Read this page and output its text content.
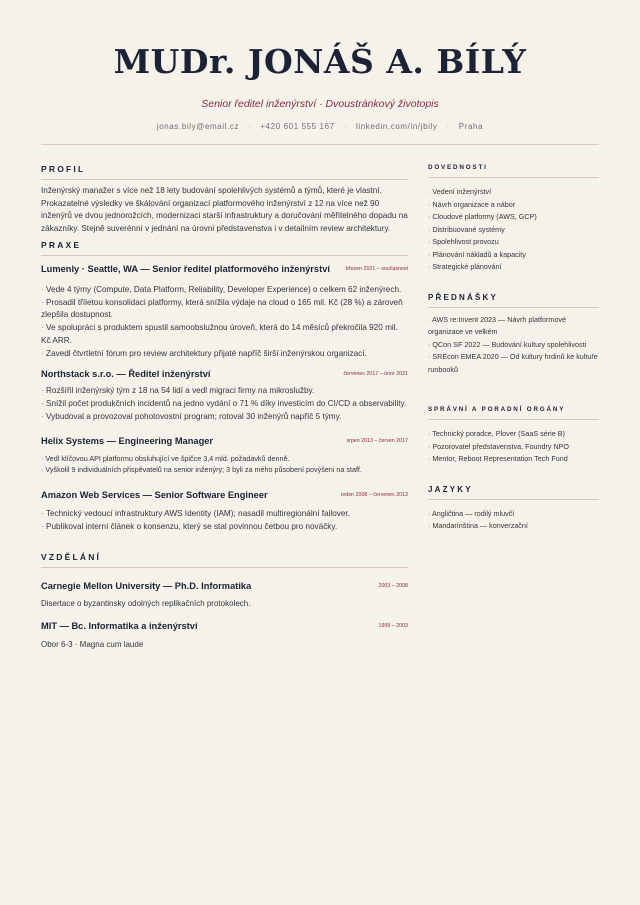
MUDr. JONÁŠ A. BÍLÝ
Senior ředitel inženýrství · Dvoustránkový životopis
jonas.bily@email.cz · +420 601 555 167 · linkedin.com/in/jbily · Praha
PROFIL

Inženýrský manažer s více než 18 lety budování spolehlivých systémů a týmů, které je vlastní. Prokazatelné výsledky ve škálování organizací platformového inženýrství z 12 na více než 90 inženýrů ve dvou jednorožcích, modernizaci starší infrastruktury a doručování měřitelného dopadu na zákazníky. Stejně suverénní v jednání na úrovni představenstva i v detailním review architektury.

PRAXE
Lumenly · Seattle, WA — Senior ředitel platformového inženýrství	březen 2021 – současnost
· Vede 4 týmy (Compute, Data Platform, Reliability, Developer Experience) o celkem 62 inženýrech.
· Prosadil tříletou konsolidaci platformy, která snížila výdaje na cloud o 165 mil. Kč (28 %) a zároveň zlepšila dostupnost.
· Ve spolupráci s produktem spustil samoobslužnou úroveň, která do 14 měsíců překročila 920 mil. Kč ARR.
· Zavedl čtvrtletní fórum pro review architektury přijaté napříč širší inženýrskou organizací.
Northstack s.r.o. — Ředitel inženýrství	červenec 2017 – únor 2021
· Rozšířil inženýrský tým z 18 na 54 lidí a vedl migraci firmy na mikroslužby.
· Snížil počet produkčních incidentů na jedno vydání o 71 % díky investicím do CI/CD a observability.
· Vybudoval a provozoval pohotovostní program; rotoval 30 inženýrů napříč 5 týmy.
Helix Systems — Engineering Manager	srpen 2013 – červen 2017
· Vedl klíčovou API platformu obsluhující ve špičce 3,4 mld. požadavků denně.
· Vyškolil 9 individuálních přispěvatelů na senior inženýry; 3 byli za mého působení povýšeni na staff.
Amazon Web Services — Senior Software Engineer	leden 2008 – červenec 2013
· Technický vedoucí infrastruktury AWS Identity (IAM); nasadil multiregionální failover.
· Publikoval interní článek o konsenzu, který se stal povinnou četbou pro nováčky.
VZDĚLÁNÍ
Carnegie Mellon University — Ph.D. Informatika	2003 – 2008

Disertace o byzantinsky odolných replikačních protokolech.

MIT — Bc. Informatika a inženýrství	1999 – 2003

Obor 6-3 · Magna cum laude

DOVEDNOSTI
· Vedení inženýrství
· Návrh organizace a nábor
· Cloudové platformy (AWS, GCP)
· Distribuované systémy
· Spolehlivost provozu
· Plánování nákladů a kapacity
· Strategické plánování
PŘEDNÁŠKY
· AWS re:Invent 2023 — Návrh platformové organizace ve velkém
· QCon SF 2022 — Budování kultury spolehlivosti
· SREcon EMEA 2020 — Od kultury hrdinů ke kultuře runbooků
SPRÁVNÍ A PORADNÍ ORGÁNY
· Technický poradce, Plover (SaaS série B)
· Pozorovatel představenstva, Foundry NPO
· Mentor, Reboot Representation Tech Fund
JAZYKY
· Angličtina — rodilý mluvčí
· Mandarínština — konverzační
